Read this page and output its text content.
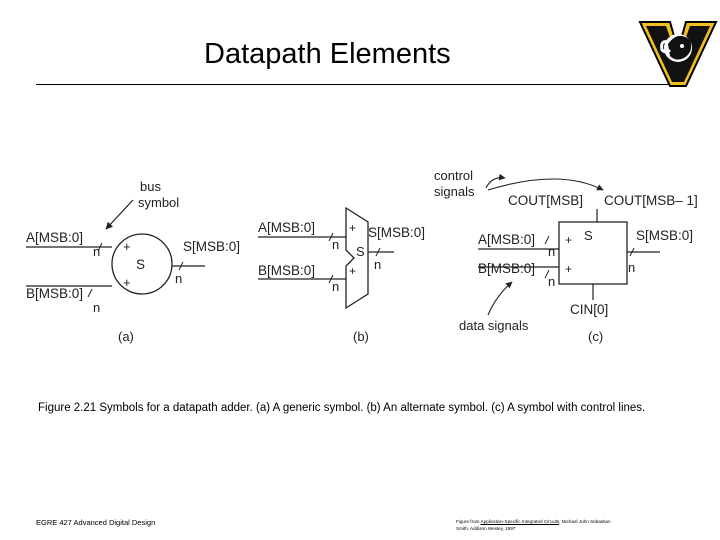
Datapath Elements
bus
symbol
A[MSB:0]
n
B[MSB:0]
n
+
+
S
S[MSB:0]
n
(a)
A[MSB:0]
n
B[MSB:0]
n
+
+
S
S[MSB:0]
n
(b)
control
signals
COUT[MSB] COUT[MSB– 1]
+
+
S
A[MSB:0]
n
B[MSB:0]
n
S[MSB:0]
n
CIN[0]
data signals
(c)
Figure 2.21 Symbols for a datapath adder. (a) A generic symbol. (b) An alternate symbol. (c) A symbol with control lines.
EGRE 427 Advanced Digital Design	Figure from Application-Specific Integrated Circuits, Michael John Sebastian
Smith, Addison Wesley, 1997
